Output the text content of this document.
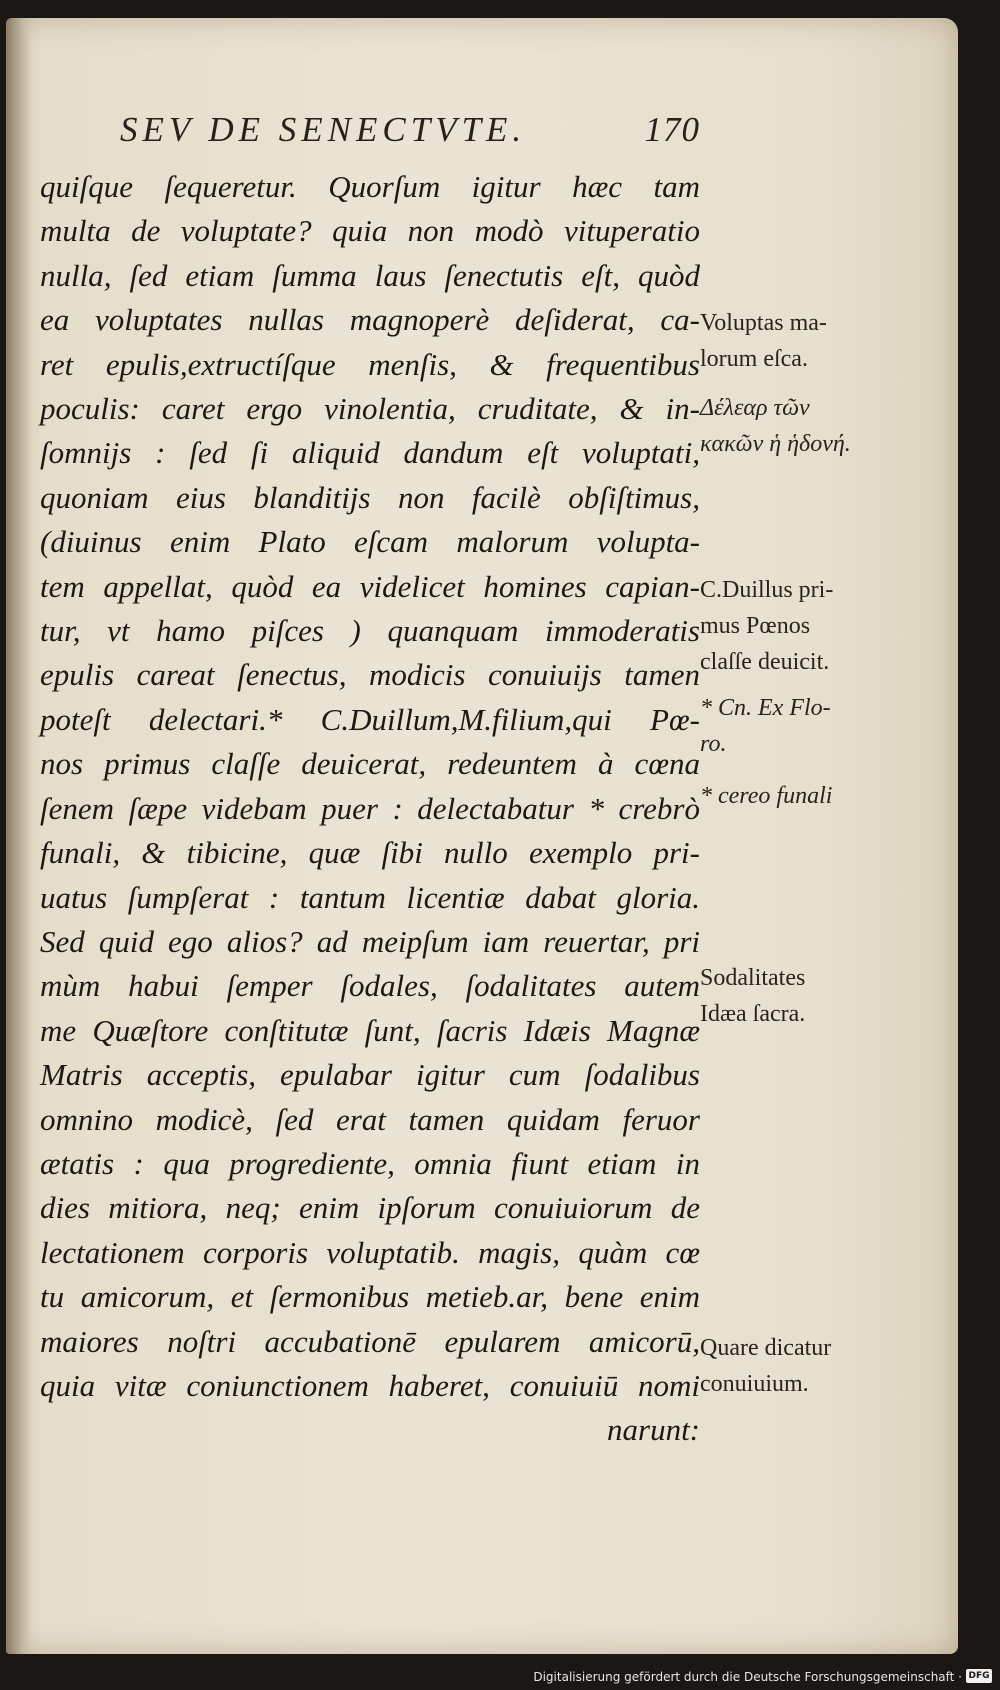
SEV DE SENECTVTE.	170
quiſque ſequeretur. Quorſum igitur hæc tam
multa de voluptate? quia non modò vituperatio
nulla, ſed etiam ſumma laus ſenectutis eſt, quòd
ea voluptates nullas magnoperè deſiderat, ca-
ret epulis,extructíſque menſis, & frequentibus
poculis: caret ergo vinolentia, cruditate, & in-
ſomnijs : ſed ſi aliquid dandum eſt voluptati,
quoniam eius blanditijs non facilè obſiſtimus,
(diuinus enim Plato eſcam malorum volupta-
tem appellat, quòd ea videlicet homines capian-
tur, vt hamo piſces ) quanquam immoderatis
epulis careat ſenectus, modicis conuiuijs tamen
poteſt delectari.* C.Duillum,M.filium,qui Pœ-
nos primus claſſe deuicerat, redeuntem à cœna
ſenem ſæpe videbam puer : delectabatur * crebrò
funali, & tibicine, quæ ſibi nullo exemplo pri-
uatus ſumpſerat : tantum licentiæ dabat gloria.
Sed quid ego alios? ad meipſum iam reuertar, pri
mùm habui ſemper ſodales, ſodalitates autem
me Quæſtore conſtitutæ ſunt, ſacris Idæis Magnæ
Matris acceptis, epulabar igitur cum ſodalibus
omnino modicè, ſed erat tamen quidam feruor
ætatis : qua progrediente, omnia fiunt etiam in
dies mitiora, neq; enim ipſorum conuiuiorum de
lectationem corporis voluptatib. magis, quàm cœ
tu amicorum, et ſermonibus metieb.ar, bene enim
maiores noſtri accubationē epularem amicorū,
quia vitæ coniunctionem haberet, conuiuiū nomi
narunt:
Voluptas ma-
lorum eſca.
Δέλεαρ τῶν
κακῶν ἡ ἡδονή.
C.Duillus pri-
mus Pœnos
claſſe deuicit.
* Cn. Ex Flo-
ro.
* cereo funali
Sodalitates
Idæa ſacra.
Quare dicatur
conuiuium.
Digitalisierung gefördert durch die Deutsche Forschungsgemeinschaft · DFG
